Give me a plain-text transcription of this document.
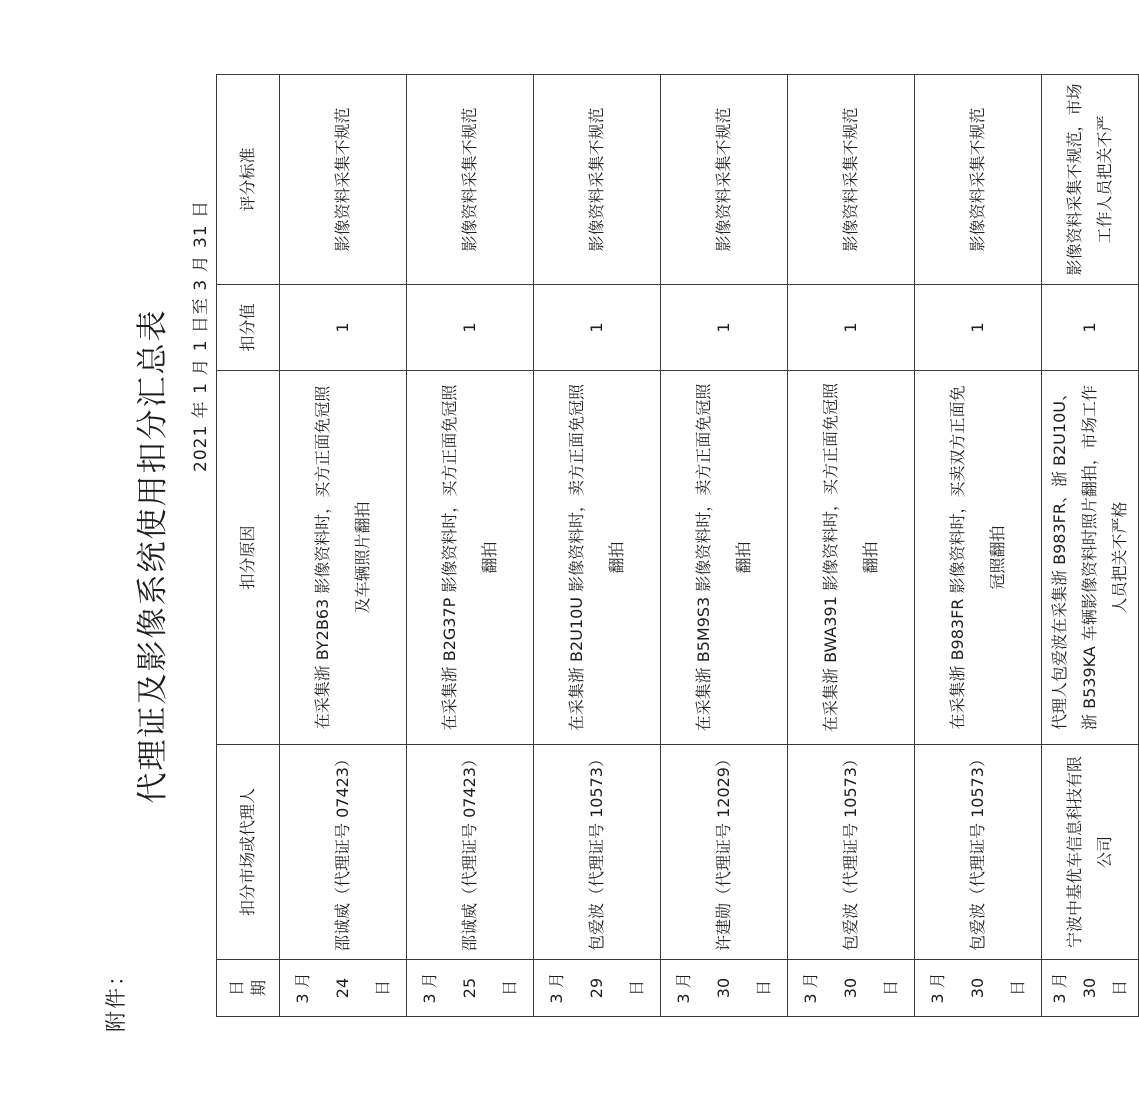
附件：
代理证及影像系统使用扣分汇总表 2021 年 1 月 1 日至 3 月 31 日
日　期	扣分市场或代理人	扣分原因	扣分值	评分标准
3 月 24 日	邵诚威（代理证号 07423）	在采集浙 BY2B63 影像资料时，买方正面免冠照及车辆照片翻拍	1	影像资料采集不规范
3 月 25 日	邵诚威（代理证号 07423）	在采集浙 B2G37P 影像资料时，买方正面免冠照翻拍	1	影像资料采集不规范
3 月 29 日	包爱波（代理证号 10573）	在采集浙 B2U10U 影像资料时，卖方正面免冠照翻拍	1	影像资料采集不规范
3 月 30 日	许建勋（代理证号 12029）	在采集浙 B5M9S3 影像资料时，卖方正面免冠照翻拍	1	影像资料采集不规范
3 月 30 日	包爱波（代理证号 10573）	在采集浙 BWA391 影像资料时，买方正面免冠照翻拍	1	影像资料采集不规范
3 月 30 日	包爱波（代理证号 10573）	在采集浙 B983FR 影像资料时，买卖双方正面免冠照翻拍	1	影像资料采集不规范
3 月 30 日	宁波中基优车信息科技有限公司	代理人包爱波在采集浙 B983FR、浙 B2U10U、浙 B539KA 车辆影像资料时照片翻拍，市场工作人员把关不严格	1	影像资料采集不规范，市场工作人员把关不严
